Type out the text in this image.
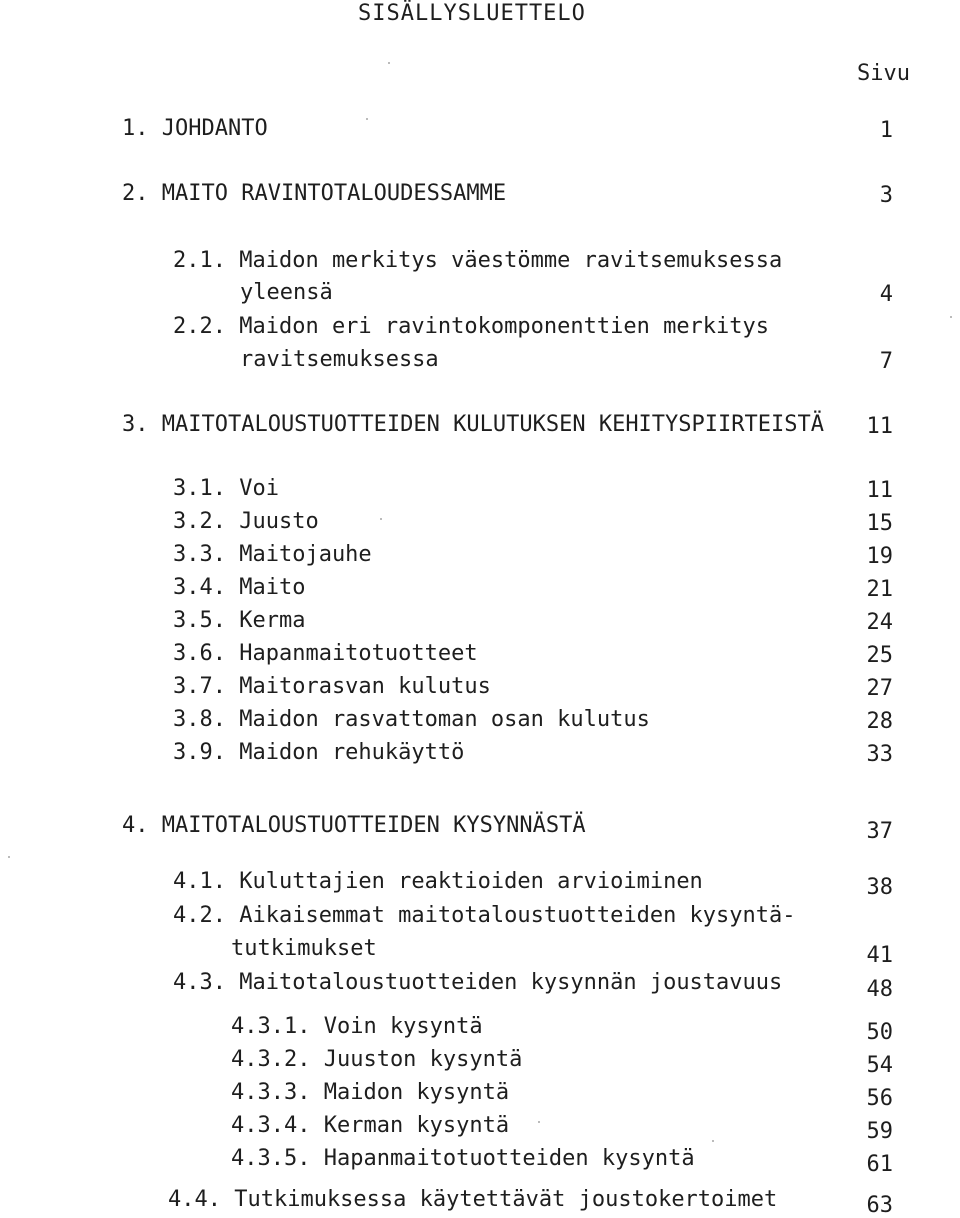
SISÄLLYSLUETTELO
Sivu
1. JOHDANTO	1
2. MAITO RAVINTOTALOUDESSAMME	3
2.1. Maidon merkitys väestömme ravitsemuksessa
yleensä	4
2.2. Maidon eri ravintokomponenttien merkitys
ravitsemuksessa	7
3. MAITOTALOUSTUOTTEIDEN KULUTUKSEN KEHITYSPIIRTEISTÄ 11
3.1. Voi	11
3.2. Juusto	15
3.3. Maitojauhe	19
3.4. Maito	21
3.5. Kerma	24
3.6. Hapanmaitotuotteet	25
3.7. Maitorasvan kulutus	27
3.8. Maidon rasvattoman osan kulutus	28
3.9. Maidon rehukäyttö	33
4. MAITOTALOUSTUOTTEIDEN KYSYNNÄSTÄ	37
4.1. Kuluttajien reaktioiden arvioiminen	38
4.2. Aikaisemmat maitotaloustuotteiden kysyntä-
tutkimukset	41
4.3. Maitotaloustuotteiden kysynnän joustavuus	48
4.3.1. Voin kysyntä	50
4.3.2. Juuston kysyntä	54
4.3.3. Maidon kysyntä	56
4.3.4. Kerman kysyntä	59
4.3.5. Hapanmaitotuotteiden kysyntä	61
4.4. Tutkimuksessa käytettävät joustokertoimet	63
